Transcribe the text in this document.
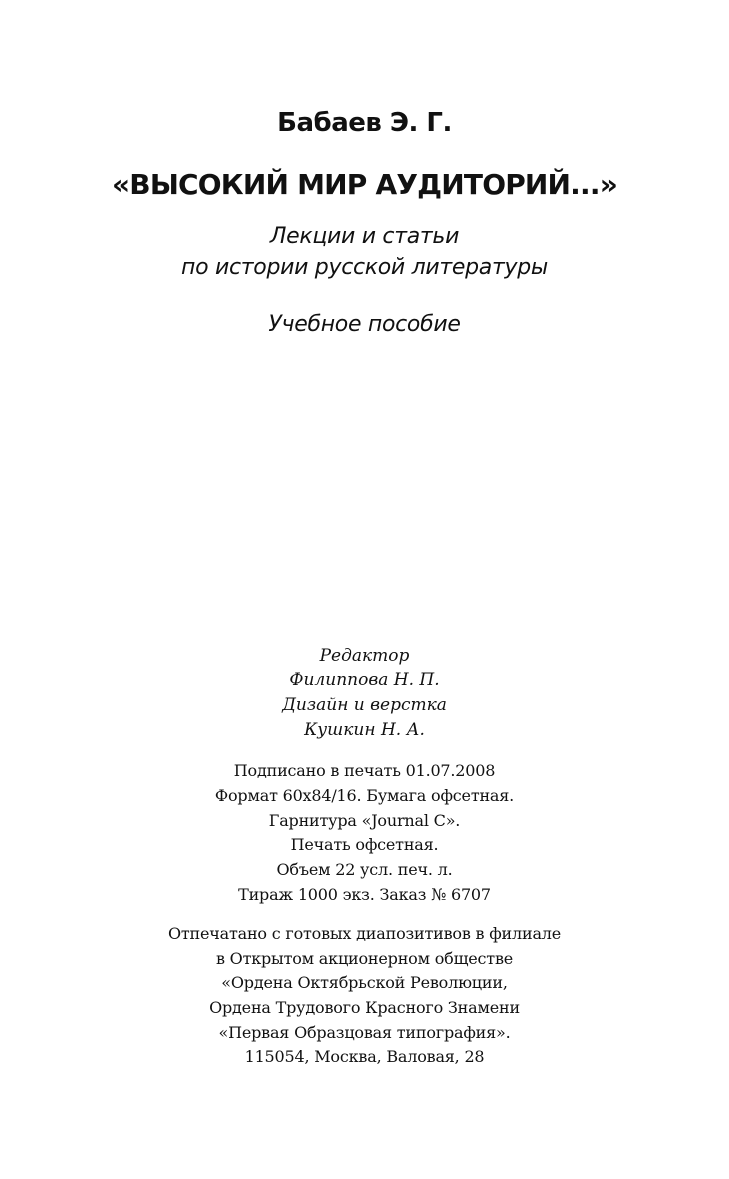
Бабаев Э. Г.
«ВЫСОКИЙ МИР АУДИТОРИЙ...»
Лекции и статьи
по истории русской литературы
Учебное пособие
Редактор
Филиппова Н. П.
Дизайн и верстка
Кушкин Н. А.
Подписано в печать 01.07.2008
Формат 60x84/16. Бумага офсетная.
Гарнитура «Journal C».
Печать офсетная.
Объем 22 усл. печ. л.
Тираж 1000 экз. Заказ № 6707
Отпечатано с готовых диапозитивов в филиале
в Открытом акционерном обществе
«Ордена Октябрьской Революции,
Ордена Трудового Красного Знамени
«Первая Образцовая типография».
115054, Москва, Валовая, 28
